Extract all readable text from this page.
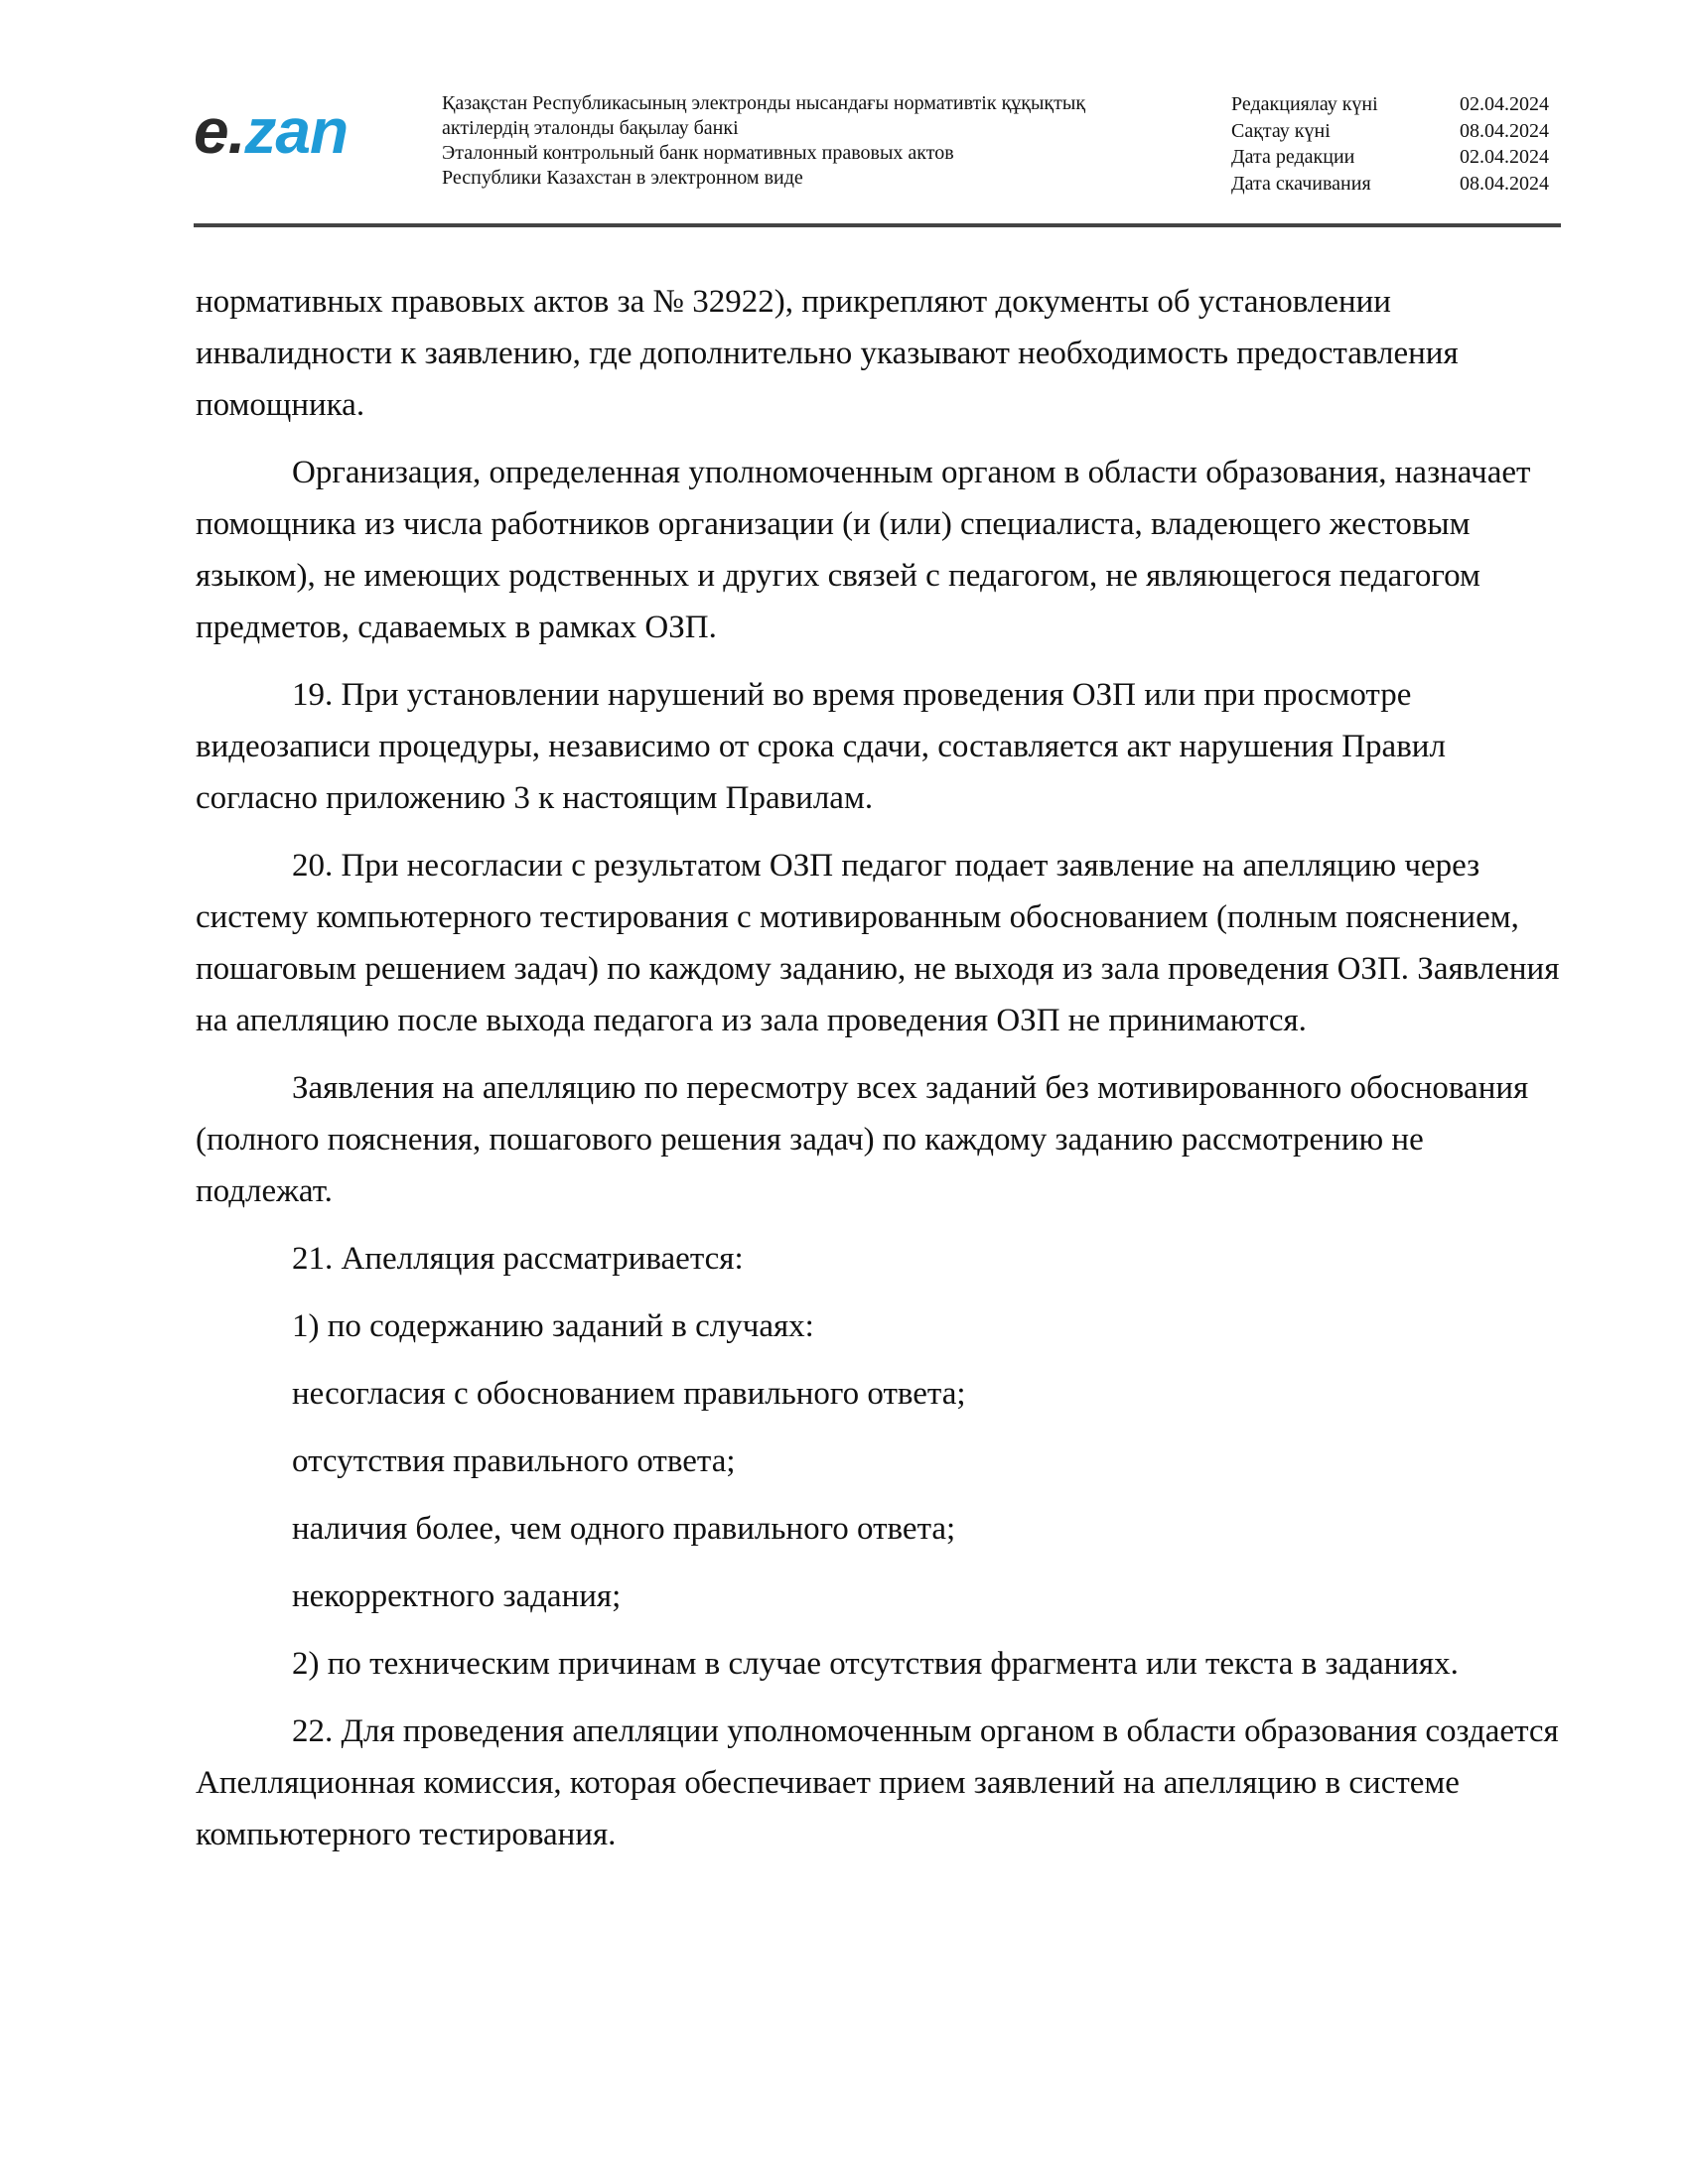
e.zan	Қазақстан Республикасының электронды нысандағы нормативтік құқықтық
актілердің эталонды бақылау банкі
Эталонный контрольный банк нормативных правовых актов
Республики Казахстан в электронном виде
Редакциялау күні	02.04.2024
Сақтау күні	08.04.2024
Дата редакции	02.04.2024
Дата скачивания	08.04.2024

нормативных правовых актов за № 32922), прикрепляют документы об установлении инвалидности к заявлению, где дополнительно указывают необходимость предоставления помощника.

Организация, определенная уполномоченным органом в области образования, назначает помощника из числа работников организации (и (или) специалиста, владеющего жестовым языком), не имеющих родственных и других связей с педагогом, не являющегося педагогом предметов, сдаваемых в рамках ОЗП.

19. При установлении нарушений во время проведения ОЗП или при просмотре видеозаписи процедуры, независимо от срока сдачи, составляется акт нарушения Правил согласно приложению 3 к настоящим Правилам.

20. При несогласии с результатом ОЗП педагог подает заявление на апелляцию через систему компьютерного тестирования с мотивированным обоснованием (полным пояснением, пошаговым решением задач) по каждому заданию, не выходя из зала проведения ОЗП. Заявления на апелляцию после выхода педагога из зала проведения ОЗП не принимаются.

Заявления на апелляцию по пересмотру всех заданий без мотивированного обоснования (полного пояснения, пошагового решения задач) по каждому заданию рассмотрению не подлежат.

21. Апелляция рассматривается:

1) по содержанию заданий в случаях:

несогласия с обоснованием правильного ответа;

отсутствия правильного ответа;

наличия более, чем одного правильного ответа;

некорректного задания;

2) по техническим причинам в случае отсутствия фрагмента или текста в заданиях.

22. Для проведения апелляции уполномоченным органом в области образования создается Апелляционная комиссия, которая обеспечивает прием заявлений на апелляцию в системе компьютерного тестирования.
